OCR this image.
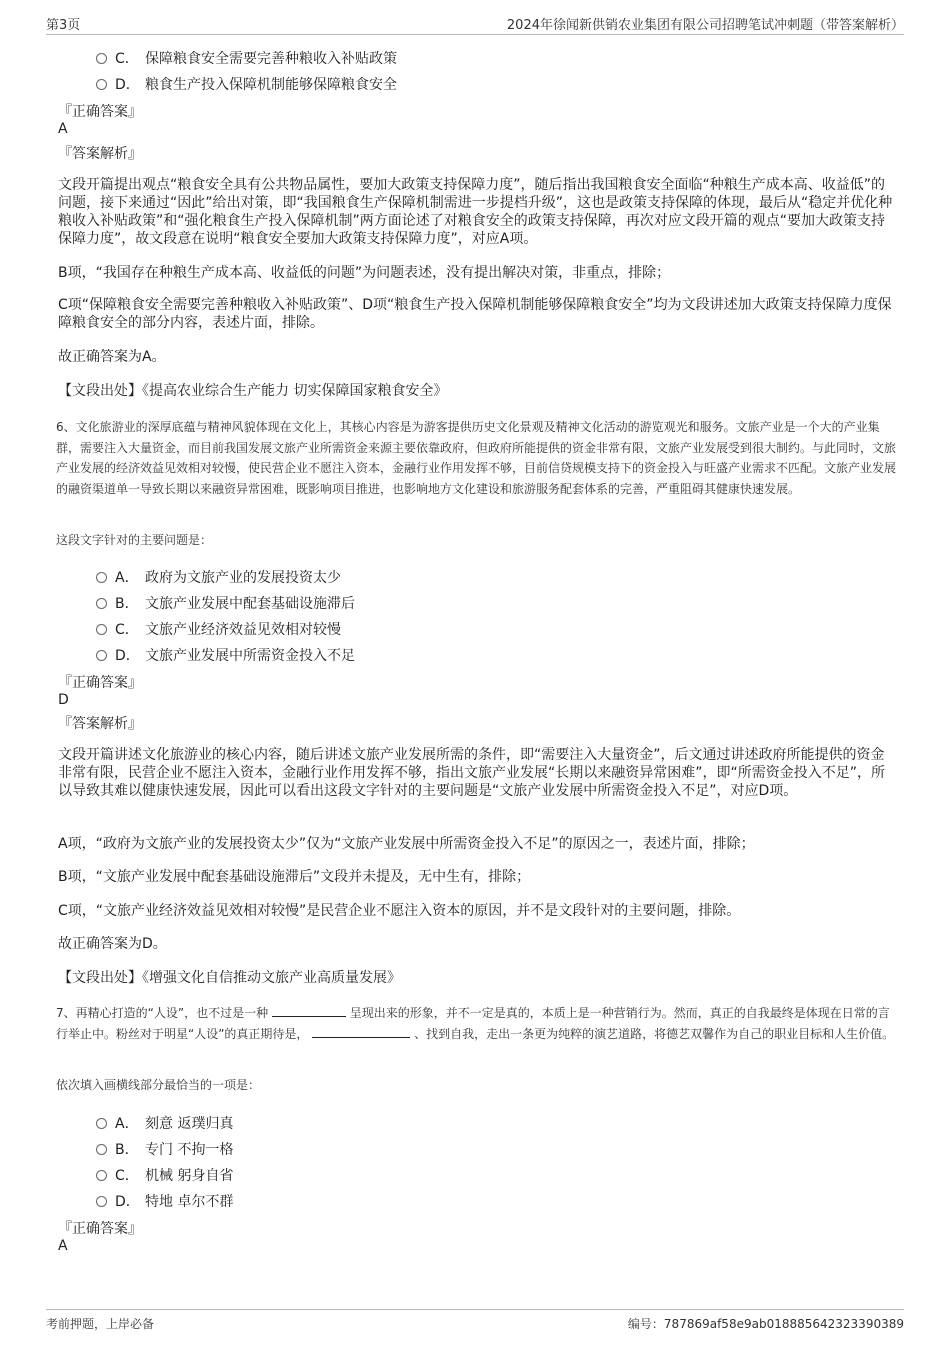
第3页	2024年徐闻新供销农业集团有限公司招聘笔试冲刺题（带答案解析）
C． 保障粮食安全需要完善种粮收入补贴政策
D． 粮食生产投入保障机制能够保障粮食安全
『正确答案』
A
『答案解析』
文段开篇提出观点“粮食安全具有公共物品属性，要加大政策支持保障力度”，随后指出我国粮食安全面临“种粮生产成本高、收益低”的问题，接下来通过“因此”给出对策，即“我国粮食生产保障机制需进一步提档升级”，这也是政策支持保障的体现，最后从“稳定并优化种粮收入补贴政策”和“强化粮食生产投入保障机制”两方面论述了对粮食安全的政策支持保障，再次对应文段开篇的观点“要加大政策支持保障力度”，故文段意在说明“粮食安全要加大政策支持保障力度”，对应A项。
B项，“我国存在种粮生产成本高、收益低的问题”为问题表述，没有提出解决对策，非重点，排除；
C项“保障粮食安全需要完善种粮收入补贴政策”、D项“粮食生产投入保障机制能够保障粮食安全”均为文段讲述加大政策支持保障力度保障粮食安全的部分内容，表述片面，排除。
故正确答案为A。
【文段出处】《提高农业综合生产能力 切实保障国家粮食安全》
6、文化旅游业的深厚底蕴与精神风貌体现在文化上，其核心内容是为游客提供历史文化景观及精神文化活动的游览观光和服务。文旅产业是一个大的产业集群，需要注入大量资金，而目前我国发展文旅产业所需资金来源主要依靠政府，但政府所能提供的资金非常有限，文旅产业发展受到很大制约。与此同时，文旅产业发展的经济效益见效相对较慢，使民营企业不愿注入资本，金融行业作用发挥不够，目前信贷规模支持下的资金投入与旺盛产业需求不匹配。文旅产业发展的融资渠道单一导致长期以来融资异常困难，既影响项目推进，也影响地方文化建设和旅游服务配套体系的完善，严重阻碍其健康快速发展。
这段文字针对的主要问题是：
A． 政府为文旅产业的发展投资太少
B． 文旅产业发展中配套基础设施滞后
C． 文旅产业经济效益见效相对较慢
D． 文旅产业发展中所需资金投入不足
『正确答案』
D
『答案解析』
文段开篇讲述文化旅游业的核心内容，随后讲述文旅产业发展所需的条件，即“需要注入大量资金”，后文通过讲述政府所能提供的资金非常有限，民营企业不愿注入资本，金融行业作用发挥不够，指出文旅产业发展“长期以来融资异常困难”，即“所需资金投入不足”，所以导致其难以健康快速发展，因此可以看出这段文字针对的主要问题是“文旅产业发展中所需资金投入不足”，对应D项。
A项，“政府为文旅产业的发展投资太少”仅为“文旅产业发展中所需资金投入不足”的原因之一，表述片面，排除；
B项，“文旅产业发展中配套基础设施滞后”文段并未提及，无中生有，排除；
C项，“文旅产业经济效益见效相对较慢”是民营企业不愿注入资本的原因，并不是文段针对的主要问题，排除。
故正确答案为D。
【文段出处】《增强文化自信推动文旅产业高质量发展》
7、再精心打造的“人设”，也不过是一种	呈现出来的形象，并不一定是真的，本质上是一种营销行为。然而，真正的自我最终是体现在日常的言行举止中。粉丝对于明星“人设”的真正期待是，	、找到自我，走出一条更为纯粹的演艺道路，将德艺双馨作为自己的职业目标和人生价值。
依次填入画横线部分最恰当的一项是：
A． 刻意 返璞归真
B． 专门 不拘一格
C． 机械 躬身自省
D． 特地 卓尔不群
『正确答案』
A
考前押题，上岸必备	编号：787869af58e9ab018885642323390389
